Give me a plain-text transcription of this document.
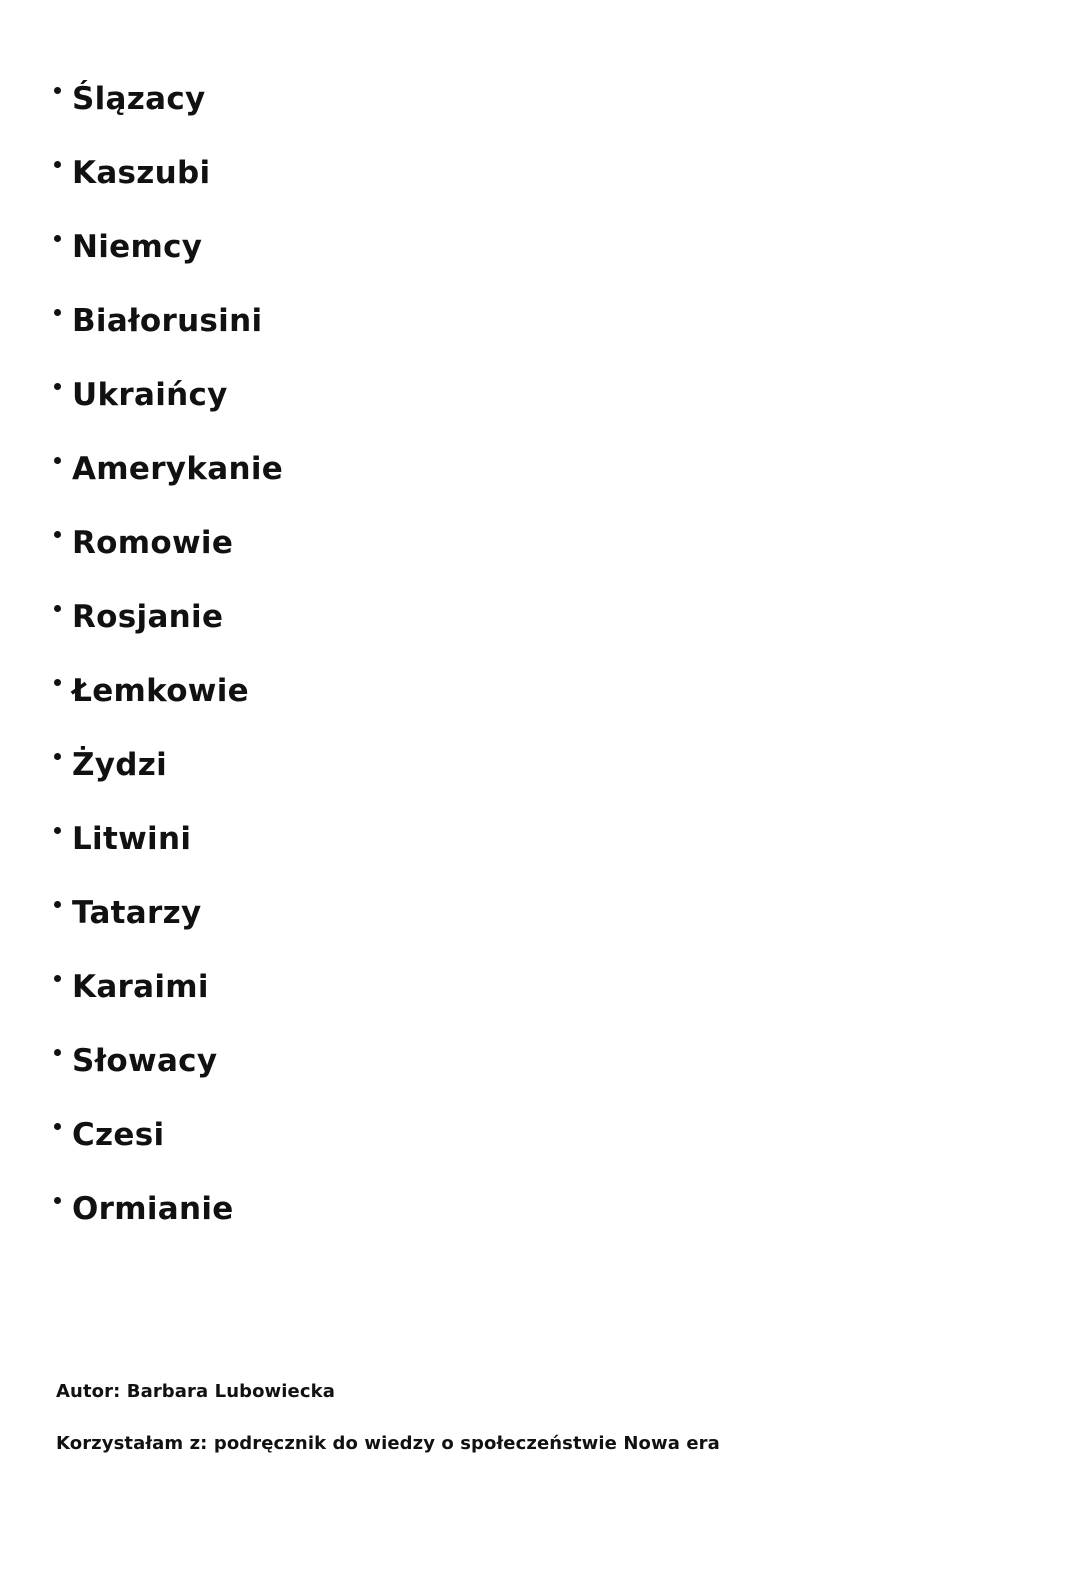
Ślązacy
Kaszubi
Niemcy
Białorusini
Ukraińcy
Amerykanie
Romowie
Rosjanie
Łemkowie
Żydzi
Litwini
Tatarzy
Karaimi
Słowacy
Czesi
Ormianie
Autor: Barbara Lubowiecka
Korzystałam z: podręcznik do wiedzy o społeczeństwie Nowa era
